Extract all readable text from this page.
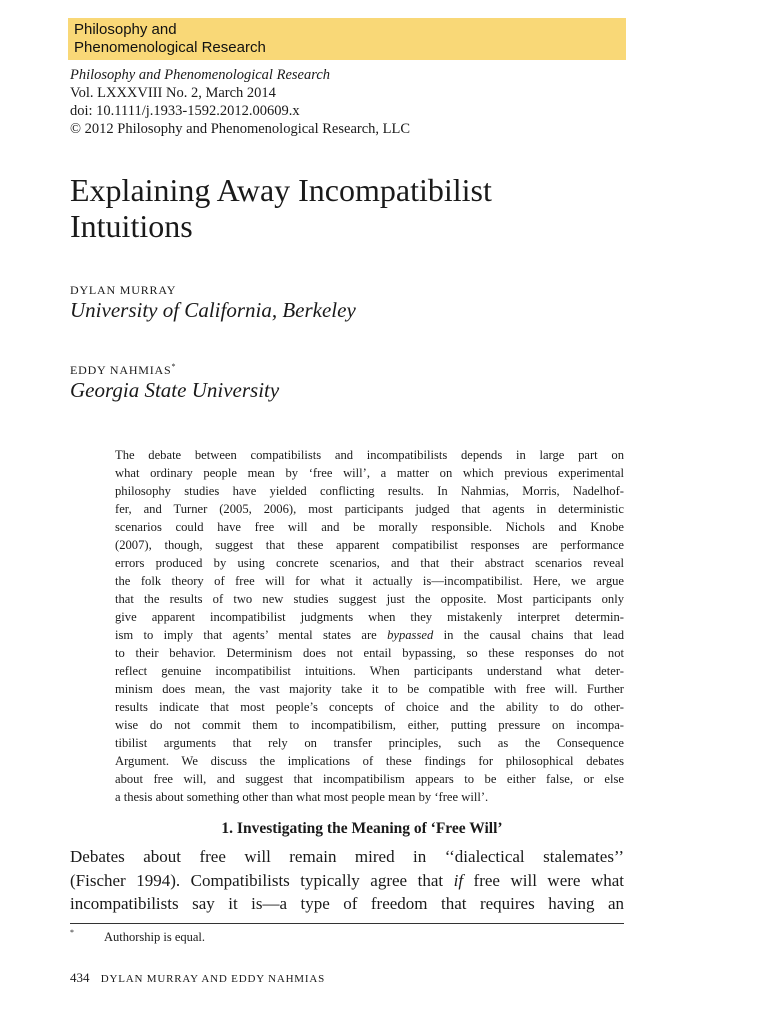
Philosophy and
Phenomenological Research
Philosophy and Phenomenological Research
Vol. LXXXVIII No. 2, March 2014
doi: 10.1111/j.1933-1592.2012.00609.x
© 2012 Philosophy and Phenomenological Research, LLC
Explaining Away Incompatibilist
Intuitions
DYLAN MURRAY
University of California, Berkeley
EDDY NAHMIAS*
Georgia State University
The debate between compatibilists and incompatibilists depends in large part on
what ordinary people mean by ‘free will’, a matter on which previous experimental
philosophy studies have yielded conflicting results. In Nahmias, Morris, Nadelhof-
fer, and Turner (2005, 2006), most participants judged that agents in deterministic
scenarios could have free will and be morally responsible. Nichols and Knobe
(2007), though, suggest that these apparent compatibilist responses are performance
errors produced by using concrete scenarios, and that their abstract scenarios reveal
the folk theory of free will for what it actually is—incompatibilist. Here, we argue
that the results of two new studies suggest just the opposite. Most participants only
give apparent incompatibilist judgments when they mistakenly interpret determin-
ism to imply that agents’ mental states are bypassed in the causal chains that lead
to their behavior. Determinism does not entail bypassing, so these responses do not
reflect genuine incompatibilist intuitions. When participants understand what deter-
minism does mean, the vast majority take it to be compatible with free will. Further
results indicate that most people’s concepts of choice and the ability to do other-
wise do not commit them to incompatibilism, either, putting pressure on incompa-
tibilist arguments that rely on transfer principles, such as the Consequence
Argument. We discuss the implications of these findings for philosophical debates
about free will, and suggest that incompatibilism appears to be either false, or else
a thesis about something other than what most people mean by ‘free will’.
1. Investigating the Meaning of ‘Free Will’
Debates about free will remain mired in ‘‘dialectical stalemates’’
(Fischer 1994). Compatibilists typically agree that if free will were what
incompatibilists say it is—a type of freedom that requires having an
* Authorship is equal.
434 DYLAN MURRAY AND EDDY NAHMIAS
